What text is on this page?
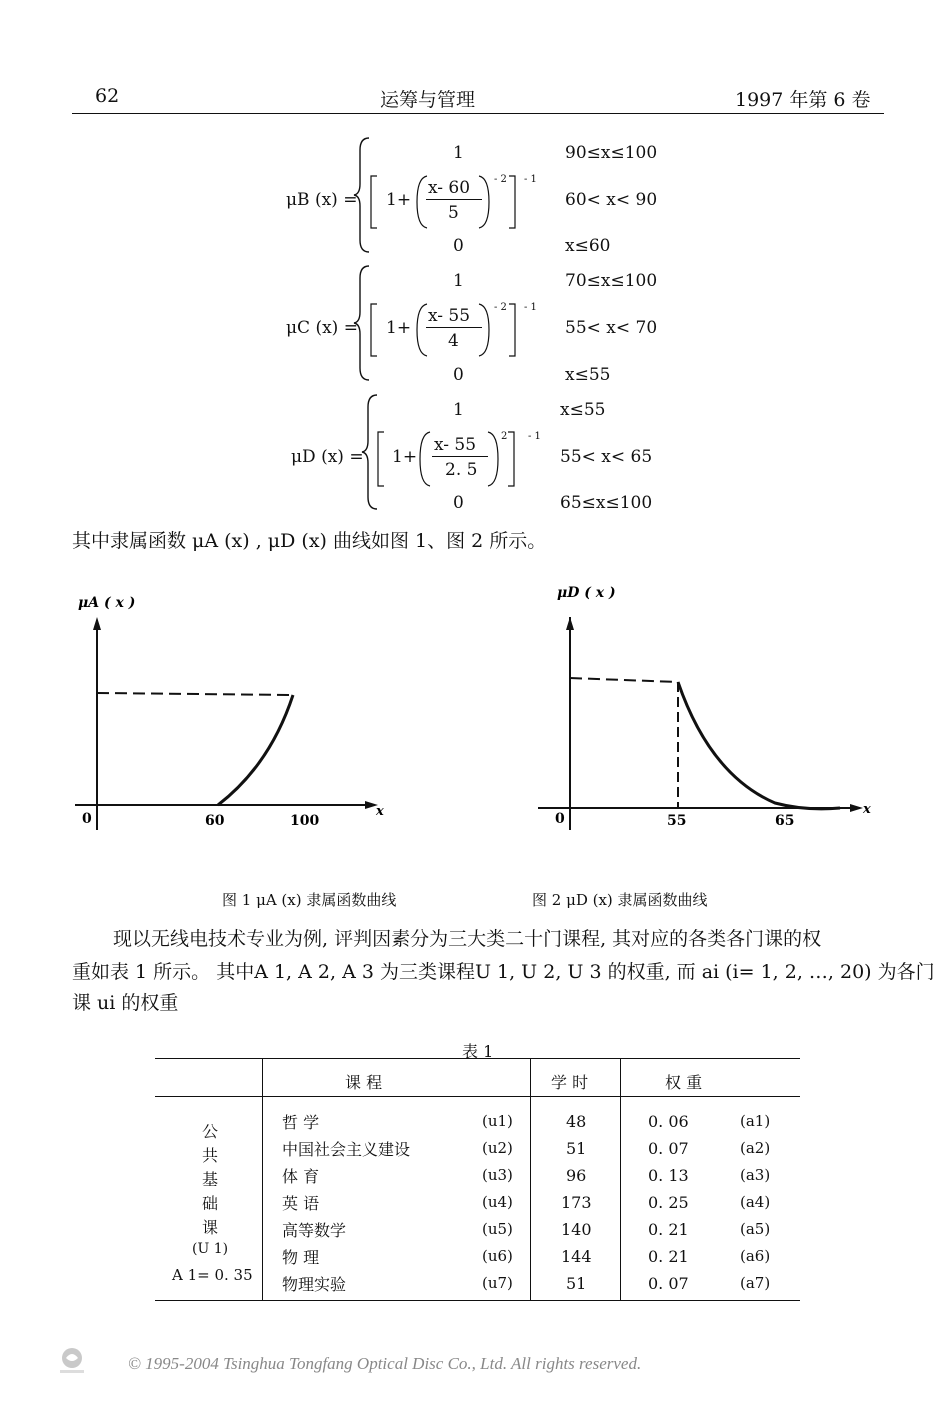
62	运筹与管理	1997 年第 6 卷
μB (x) =
1	90≤x≤100
1+
x- 60
5
- 2 - 1
60< x< 90
0	x≤60
μC (x) =
1	70≤x≤100
1+
x- 55
4
- 2 - 1
55< x< 70
0	x≤55
μD (x) =
1	x≤55
1+
x- 55
2. 5
2 - 1
55< x< 65
0	65≤x≤100
其中隶属函数 μA (x) , μD (x) 曲线如图 1、图 2 所示。
μA ( x )
x
0	60	100
μD ( x )
x
0	55	65
图 1 μA (x) 隶属函数曲线	图 2 μD (x) 隶属函数曲线
现以无线电技术专业为例, 评判因素分为三大类二十门课程, 其对应的各类各门课的权
重如表 1 所示。 其中A 1, A 2, A 3 为三类课程U 1, U 2, U 3 的权重, 而 ai (i= 1, 2, …, 20) 为各门
课 ui 的权重
表 1
课 程	学 时	权 重
公
共
基
础
课
(U 1)
A 1= 0. 35
哲 学	(u1)	48	0. 06	(a1)
中国社会主义建设	(u2)	51	0. 07	(a2)
体 育	(u3)	96	0. 13	(a3)
英 语	(u4)	173	0. 25	(a4)
高等数学	(u5)	140	0. 21	(a5)
物 理	(u6)	144	0. 21	(a6)
物理实验	(u7)	51	0. 07	(a7)
© 1995-2004 Tsinghua Tongfang Optical Disc Co., Ltd. All rights reserved.
